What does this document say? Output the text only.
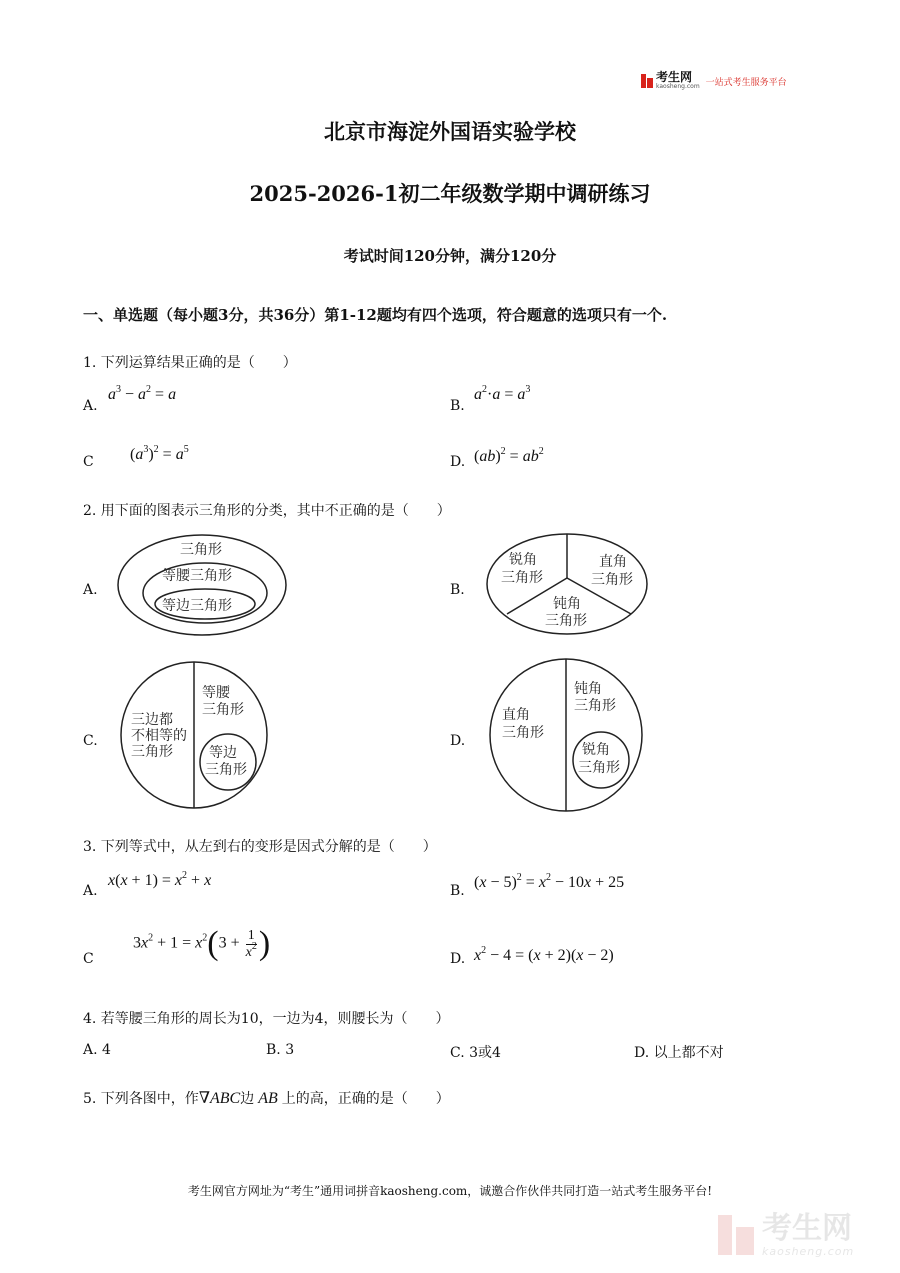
考生网
kaosheng.com 一站式考生服务平台
北京市海淀外国语实验学校
2025-2026-1初二年级数学期中调研练习
考试时间120分钟，满分120分
一、单选题（每小题3分，共36分）第1-12题均有四个选项，符合题意的选项只有一个.
1. 下列运算结果正确的是（　　）
A.
$a^3 - a^2 = a$
B.
$a^2\cdot a = a^3$
C $(a^3)^2 = a^5$
D. $(ab)^2 = ab^2$
2. 用下面的图表示三角形的分类，其中不正确的是（　　）
A.
三角形
等腰三角形
等边三角形
B.
锐角
三角形
直角
三角形
钝角
三角形
C.
三边都
不相等的
三角形
等腰
三角形
等边
三角形
D.
直角
三角形
钝角
三角形
锐角
三角形
3. 下列等式中，从左到右的变形是因式分解的是（　　）
A.
$x(x + 1) = x^2 + x$
B. $(x - 5)^2 = x^2 - 10x + 25$
C
$3x^2 + 1 = x^2(3 + \frac{1}{x^2}$ )	D. $x^2 - 4 = (x + 2)(x - 2)$
4. 若等腰三角形的周长为10，一边为4，则腰长为（　　）
A. 4	B. 3	C. 3或4	D. 以上都不对
5. 下列各图中，作∇ABC边 AB 上的高，正确的是（　　）
考生网官方网址为“考生”通用词拼音kaosheng.com，诚邀合作伙伴共同打造一站式考生服务平台!
考生网
kaosheng.com
